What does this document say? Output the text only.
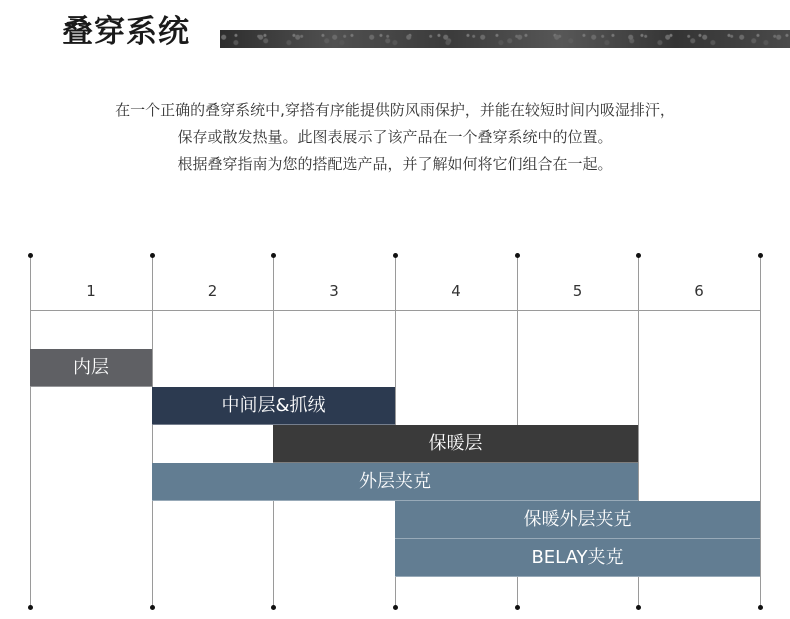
叠穿系统

在一个正确的叠穿系统中,穿搭有序能提供防风雨保护，并能在较短时间内吸湿排汗，

保存或散发热量。此图表展示了该产品在一个叠穿系统中的位置。

根据叠穿指南为您的搭配选产品，并了解如何将它们组合在一起。

1	2	3	4	5	6
内层
中间层&抓绒
保暖层
外层夹克
保暖外层夹克
BELAY夹克
